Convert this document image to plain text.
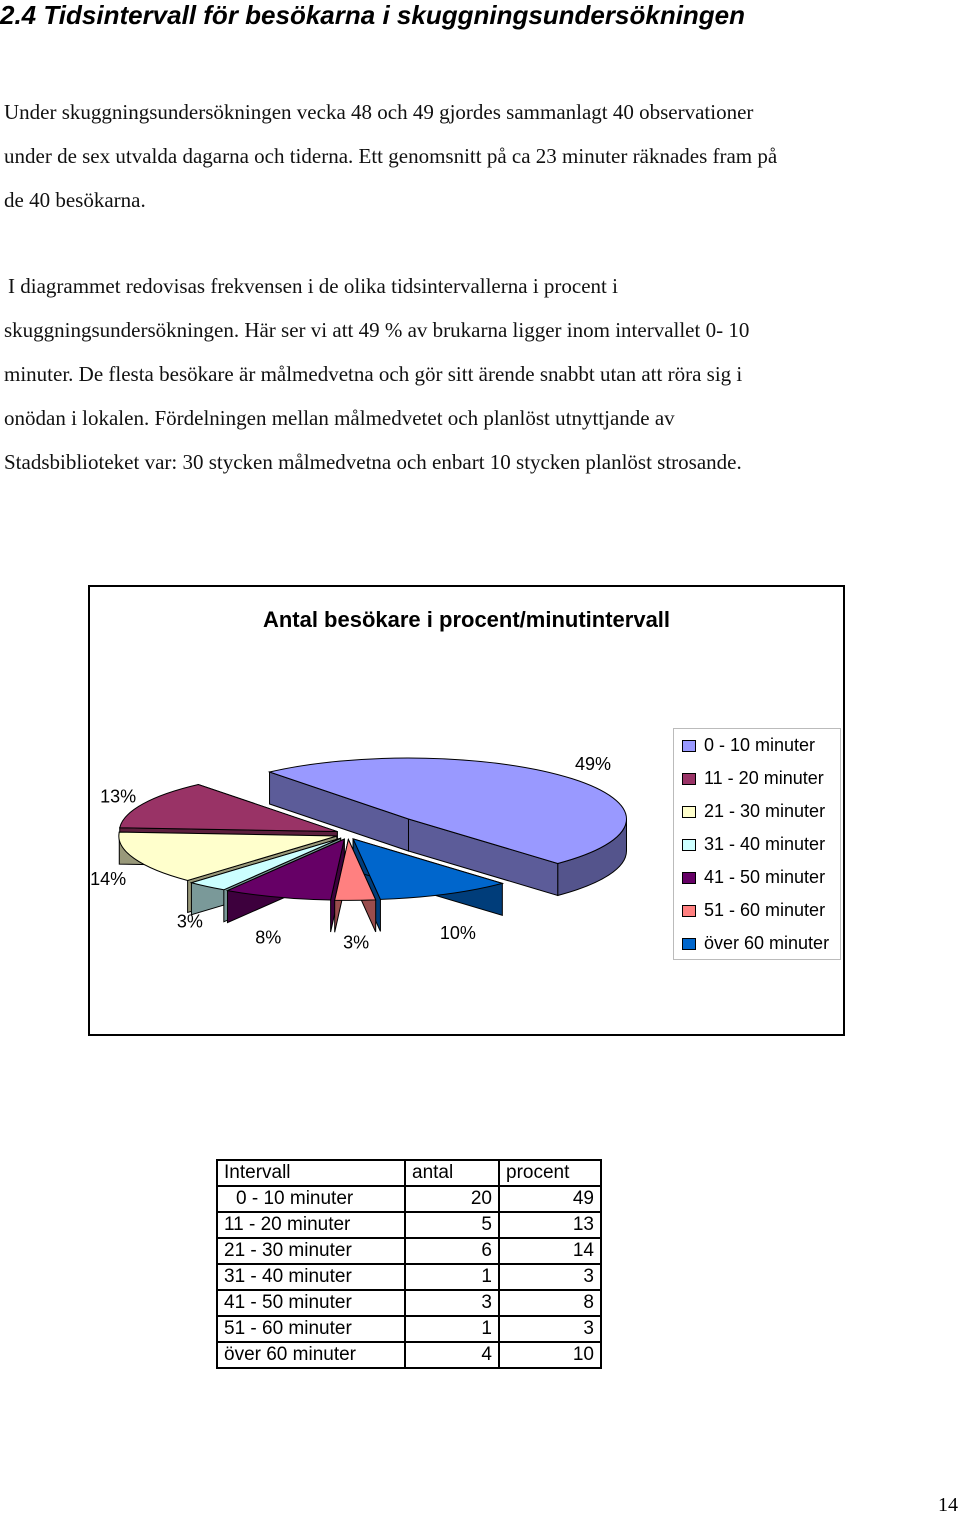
2.4 Tidsintervall för besökarna i skuggningsundersökningen

Under skuggningsundersökningen vecka 48 och 49 gjordes sammanlagt 40 observationer
under de sex utvalda dagarna och tiderna. Ett genomsnitt på ca 23 minuter räknades fram på
de 40 besökarna.

I diagrammet redovisas frekvensen i de olika tidsintervallerna i procent i
skuggningsundersökningen. Här ser vi att 49 % av brukarna ligger inom intervallet 0- 10
minuter. De flesta besökare är målmedvetna och gör sitt ärende snabbt utan att röra sig i
onödan i lokalen. Fördelningen mellan målmedvetet och planlöst utnyttjande av
Stadsbiblioteket var: 30 stycken målmedvetna och enbart 10 stycken planlöst strosande.

Antal besökare i procent/minutintervall
49%
13%
14%
3%
8%	3%	10%
0 - 10 minuter
11 - 20 minuter
21 - 30 minuter
31 - 40 minuter
41 - 50 minuter
51 - 60 minuter
över 60 minuter
Intervall	antal	procent
0 - 10 minuter	20	49
11 - 20 minuter	5	13
21 - 30 minuter	6	14
31 - 40 minuter	1	3
41 - 50 minuter	3	8
51 - 60 minuter	1	3
över 60 minuter	4	10
14
